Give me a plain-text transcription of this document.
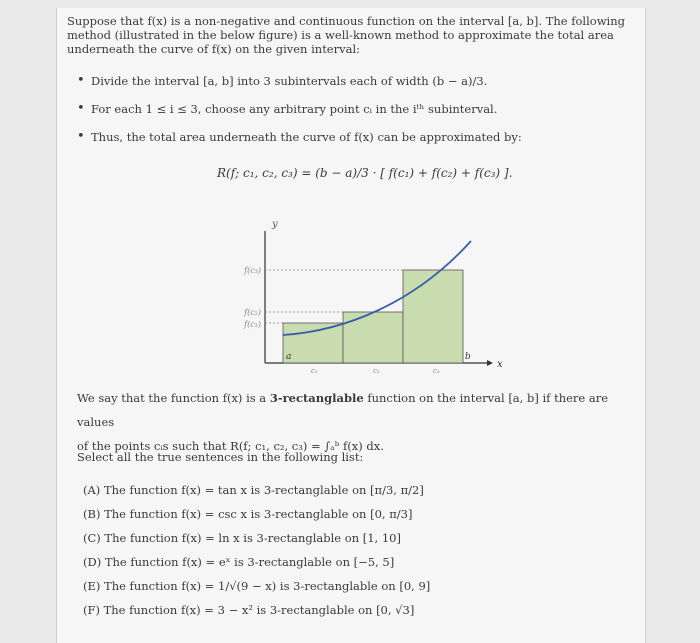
Suppose that f(x) is a non-negative and continuous function on the interval [a, b]. The following method (illustrated in the below figure) is a well-known method to approximate the total area underneath the curve of f(x) on the given interval:
• Divide the interval [a, b] into 3 subintervals each of width (b − a)/3.
• For each 1 ≤ i ≤ 3, choose any arbitrary point cᵢ in the iᵗʰ subinterval.
• Thus, the total area underneath the curve of f(x) can be approximated by:
R(f; c₁, c₂, c₃) = (b − a)/3 · [ f(c₁) + f(c₂) + f(c₃) ].
y
x
f(c₃)
f(c₂)
f(c₁)
a
c₁	c₂	c₃
b
We say that the function f(x) is a 3-rectanglable function on the interval [a, b] if there are values
of the points cᵢs such that R(f; c₁, c₂, c₃) = ∫ₐᵇ f(x) dx.
Select all the true sentences in the following list:
(A) The function f(x) = tan x is 3-rectanglable on [π/3, π/2]
(B) The function f(x) = csc x is 3-rectanglable on [0, π/3]
(C) The function f(x) = ln x is 3-rectanglable on [1, 10]
(D) The function f(x) = eˣ is 3-rectanglable on [−5, 5]
(E) The function f(x) = 1/√(9 − x) is 3-rectanglable on [0, 9]
(F) The function f(x) = 3 − x² is 3-rectanglable on [0, √3]
